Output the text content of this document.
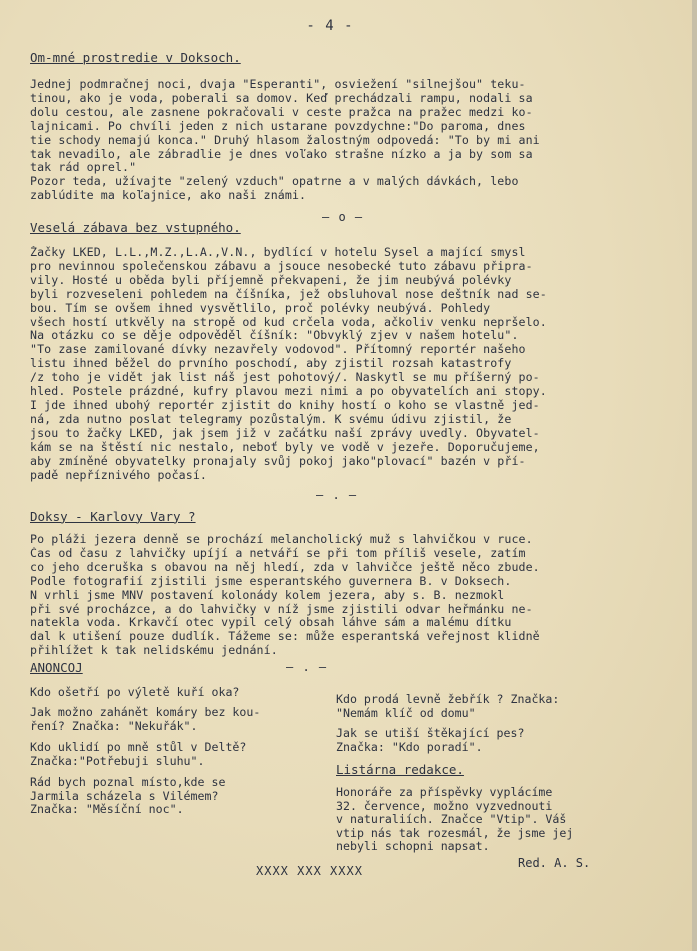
- 4 -
Om-mné prostredie v Doksoch.
Jednej podmračnej noci, dvaja "Esperanti", osviežení "silnejšou" teku-
tinou, ako je voda, poberali sa domov. Keď prechádzali rampu, nodali sa
dolu cestou, ale zasnene pokračovali v ceste pražca na pražec medzi ko-
lajnicami. Po chvíli jeden z nich ustarane povzdychne:"Do paroma, dnes
tie schody nemajú konca." Druhý hlasom žalostným odpovedá: "To by mi ani
tak nevadilo, ale zábradlie je dnes voľako strašne nízko a ja by som sa
tak rád oprel."
Pozor teda, užívajte "zelený vzduch" opatrne a v malých dávkách, lebo
zablúdite ma koľajnice, ako naši známi.
— o —
Veselá zábava bez vstupného.
Žačky LKED, L.L.,M.Z.,L.A.,V.N., bydlící v hotelu Sysel a mající smysl
pro nevinnou společenskou zábavu a jsouce nesobecké tuto zábavu připra-
vily. Hosté u oběda byli příjemně překvapeni, že jim neubývá polévky
byli rozveseleni pohledem na číšníka, jež obsluhoval nose deštník nad se-
bou. Tím se ovšem ihned vysvětlilo, proč polévky neubývá. Pohledy
všech hostí utkvěly na stropě od kud crčela voda, ačkoliv venku nepršelo.
Na otázku co se děje odpověděl číšník: "Obvyklý zjev v našem hotelu".
"To zase zamilované dívky nezavřely vodovod". Přítomný reportér našeho
listu ihned běžel do prvního poschodí, aby zjistil rozsah katastrofy
/z toho je vidět jak list náš jest pohotový/. Naskytl se mu příšerný po-
hled. Postele prázdné, kufry plavou mezi nimi a po obyvatelích ani stopy.
I jde ihned ubohý reportér zjistit do knihy hostí o koho se vlastně jed-
ná, zda nutno poslat telegramy pozůstalým. K svému údivu zjistil, že
jsou to žačky LKED, jak jsem již v začátku naší zprávy uvedly. Obyvatel-
kám se na štěstí nic nestalo, neboť byly ve vodě v jezeře. Doporučujeme,
aby zmíněné obyvatelky pronajaly svůj pokoj jako"plovací" bazén v pří-
padě nepříznivého počasí.
— . —
Doksy - Karlovy Vary ?
Po pláži jezera denně se prochází melancholický muž s lahvičkou v ruce.
Čas od času z lahvičky upíjí a netváří se při tom příliš vesele, zatím
co jeho dceruška s obavou na něj hledí, zda v lahvičce ještě něco zbude.
Podle fotografií zjistili jsme esperantského guvernera B. v Doksech.
N vrhli jsme MNV postavení kolonády kolem jezera, aby s. B. nezmokl
při své procházce, a do lahvičky v níž jsme zjistili odvar heřmánku ne-
natekla voda. Krkavčí otec vypil celý obsah láhve sám a malému dítku
dal k utišení pouze dudlík. Tážeme se: může esperantská veřejnost klidně
přihlížet k tak nelidskému jednání.
ANONCOJ	— . —
Kdo ošetří po výletě kuří oka?
Jak možno zahánět komáry bez kou-
ření? Značka: "Nekuřák".
Kdo uklidí po mně stůl v Deltě?
Značka:"Potřebuji sluhu".
Rád bych poznal místo,kde se
Jarmila scházela s Vilémem?
Značka: "Měsíční noc".
Kdo prodá levně žebřík ? Značka:
"Nemám klíč od domu"
Jak se utiší štěkající pes?
Značka: "Kdo poradí".
Listárna redakce.
Honoráře za příspěvky vyplácíme
32. července, možno vyzvednouti
v naturaliích. Značce "Vtip". Váš
vtip nás tak rozesmál, že jsme jej
nebyli schopni napsat.
Red. A. S.
XXXX XXX XXXX
